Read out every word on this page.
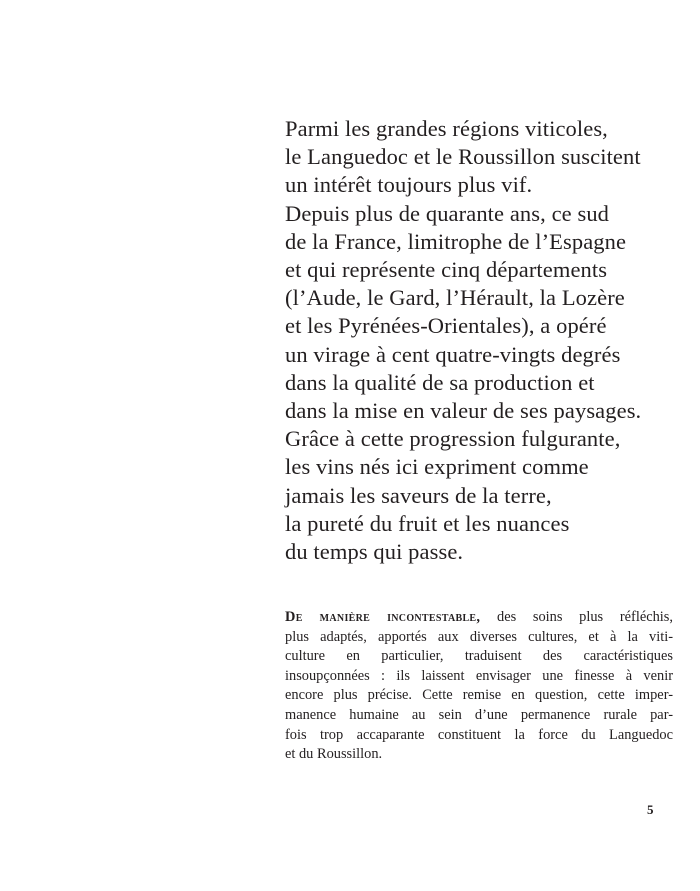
Parmi les grandes régions viticoles,
le Languedoc et le Roussillon suscitent
un intérêt toujours plus vif.
Depuis plus de quarante ans, ce sud
de la France, limitrophe de l’Espagne
et qui représente cinq départements
(l’Aude, le Gard, l’Hérault, la Lozère
et les Pyrénées-Orientales), a opéré
un virage à cent quatre-vingts degrés
dans la qualité de sa production et
dans la mise en valeur de ses paysages.
Grâce à cette progression fulgurante,
les vins nés ici expriment comme
jamais les saveurs de la terre,
la pureté du fruit et les nuances
du temps qui passe.
De manière incontestable, des soins plus réfléchis,
plus adaptés, apportés aux diverses cultures, et à la viti-
culture en particulier, traduisent des caractéristiques
insoupçonnées : ils laissent envisager une finesse à venir
encore plus précise. Cette remise en question, cette imper-
manence humaine au sein d’une permanence rurale par-
fois trop accaparante constituent la force du Languedoc
et du Roussillon.
5
